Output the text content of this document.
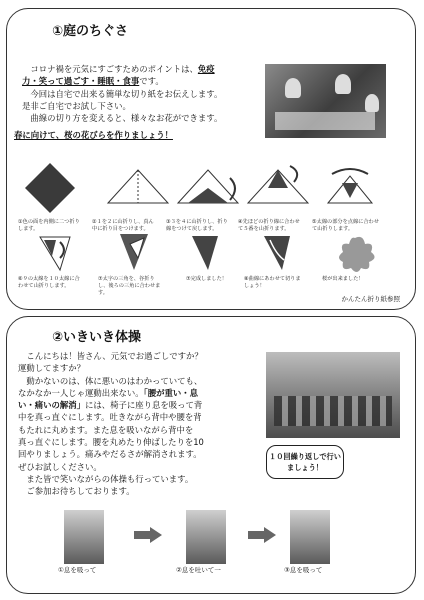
①庭のちぐさ
　コロナ禍を元気にすごすためのポイントは、免疫
力・笑って過ごす・睡眠・食事です。
　今回は自宅で出来る簡単な切り紙をお伝えします。
是非ご自宅でお試し下さい。
　曲線の切り方を変えると、様々なお花ができます。
春に向けて、桜の花びらを作りましょう！
①色の面を内側に二つ折りします。
②１を２に山折りし、真ん中に折り目をつけます。
③３を４に山折りし、折り線をつけて戻します。
④先ほどの折り線に合わせて５番を山折ります。
⑤太線の部分を点線に合わせて山折りします。
⑥９の太線を１０太線に合わせて山折りします。
⑦太字の三角を、谷折りし、後ろの三角に合わせます。
⑦完成しました！	⑧曲線にあわせて切りましょう！
桜が出来ました！
かんたん折り紙参照
②いきいき体操
　こんにちは！皆さん、元気でお過ごしですか？
運動してますか？
　動かないのは、体に悪いのはわかっていても、
なかなか一人じゃ運動出来ない。「腰が重い・息
い・痛いの解消」には、椅子に座り息を吸って背
中を真っ直ぐにします。吐きながら背中や腰を背
もたれに丸めます。また息を吸いながら背中を
真っ直ぐにします。腰を丸めたり伸ばしたりを10
回やりましょう。痛みやだるさが解消されます。
ぜひお試しください。
　また皆で笑いながらの体操も行っています。
　ご参加お待ちしております。
１０回繰り返しで行い
ましょう！
①息を吸って	②息を吐いて一	③息を吸って
